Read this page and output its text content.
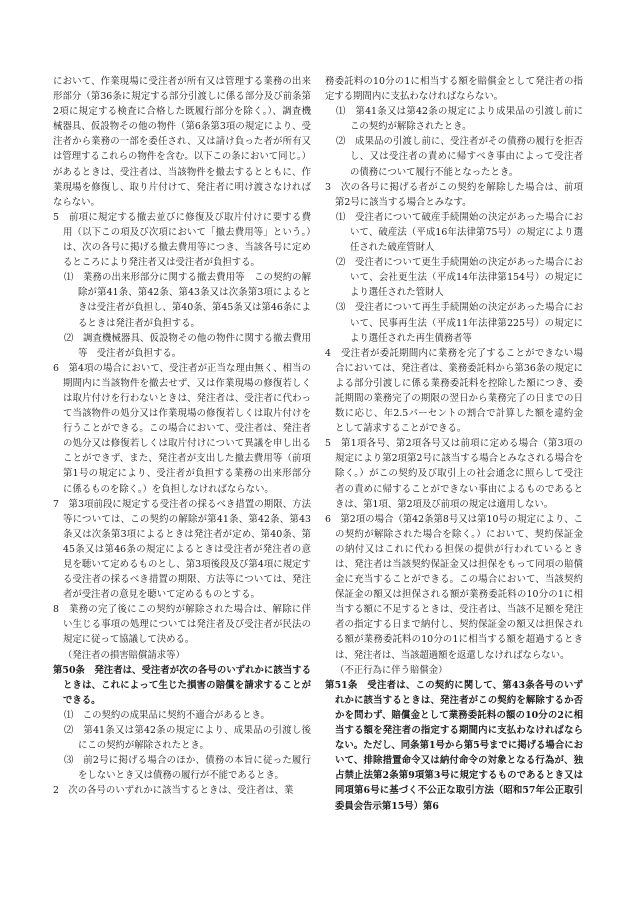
において、作業現場に受注者が所有又は管理する業務の出来形部分（第36条に規定する部分引渡しに係る部分及び前条第2項に規定する検査に合格した既履行部分を除く。）、調査機械器具、仮設物その他の物件（第6条第3項の規定により、受注者から業務の一部を委任され、又は請け負った者が所有又は管理するこれらの物件を含む。以下この条において同じ。）があるときは、受注者は、当該物件を撤去するとともに、作業現場を修復し、取り片付けて、発注者に明け渡さなければならない。

5　前項に規定する撤去並びに修復及び取片付けに要する費用（以下この項及び次項において「撤去費用等」という。）は、次の各号に掲げる撤去費用等につき、当該各号に定めるところにより発注者又は受注者が負担する。

⑴　業務の出来形部分に関する撤去費用等　この契約の解除が第41条、第42条、第43条又は次条第3項によるときは受注者が負担し、第40条、第45条又は第46条によるときは発注者が負担する。

⑵　調査機械器具、仮設物その他の物件に関する撤去費用等　受注者が負担する。

6　第4項の場合において、受注者が正当な理由無く、相当の期間内に当該物件を撤去せず、又は作業現場の修復若しくは取片付けを行わないときは、発注者は、受注者に代わって当該物件の処分又は作業現場の修復若しくは取片付けを行うことができる。この場合において、受注者は、発注者の処分又は修復若しくは取片付けについて異議を申し出ることができず、また、発注者が支出した撤去費用等（前項第1号の規定により、受注者が負担する業務の出来形部分に係るものを除く。）を負担しなければならない。

7　第3項前段に規定する受注者の採るべき措置の期限、方法等については、この契約の解除が第41条、第42条、第43条又は次条第3項によるときは発注者が定め、第40条、第45条又は第46条の規定によるときは受注者が発注者の意見を聴いて定めるものとし、第3項後段及び第4項に規定する受注者の採るべき措置の期限、方法等については、発注者が受注者の意見を聴いて定めるものとする。

8　業務の完了後にこの契約が解除された場合は、解除に伴い生じる事項の処理については発注者及び受注者が民法の規定に従って協議して決める。

（発注者の損害賠償請求等）

第50条　発注者は、受注者が次の各号のいずれかに該当するときは、これによって生じた損害の賠償を請求することができる。

⑴　この契約の成果品に契約不適合があるとき。

⑵　第41条又は第42条の規定により、成果品の引渡し後にこの契約が解除されたとき。

⑶　前2号に掲げる場合のほか、債務の本旨に従った履行をしないとき又は債務の履行が不能であるとき。

2　次の各号のいずれかに該当するときは、受注者は、業

務委託料の10分の1に相当する額を賠償金として発注者の指定する期間内に支払わなければならない。

⑴　第41条又は第42条の規定により成果品の引渡し前にこの契約が解除されたとき。

⑵　成果品の引渡し前に、受注者がその債務の履行を拒否し、又は受注者の責めに帰すべき事由によって受注者の債務について履行不能となったとき。

3　次の各号に掲げる者がこの契約を解除した場合は、前項第2号に該当する場合とみなす。

⑴　受注者について破産手続開始の決定があった場合において、破産法（平成16年法律第75号）の規定により選任された破産管財人

⑵　受注者について更生手続開始の決定があった場合において、会社更生法（平成14年法律第154号）の規定により選任された管財人

⑶　受注者について再生手続開始の決定があった場合において、民事再生法（平成11年法律第225号）の規定により選任された再生債務者等

4　受注者が委託期間内に業務を完了することができない場合においては、発注者は、業務委託料から第36条の規定による部分引渡しに係る業務委託料を控除した額につき、委託期間の業務完了の期限の翌日から業務完了の日までの日数に応じ、年2.5パーセントの割合で計算した額を違約金として請求することができる。

5　第1項各号、第2項各号又は前項に定める場合（第3項の規定により第2項第2号に該当する場合とみなされる場合を除く。）がこの契約及び取引上の社会通念に照らして受注者の責めに帰することができない事由によるものであるときは、第1項、第2項及び前項の規定は適用しない。

6　第2項の場合（第42条第8号又は第10号の規定により、この契約が解除された場合を除く。）において、契約保証金の納付又はこれに代わる担保の提供が行われているときは、発注者は当該契約保証金又は担保をもって同項の賠償金に充当することができる。この場合において、当該契約保証金の額又は担保される額が業務委託料の10分の1に相当する額に不足するときは、受注者は、当該不足額を発注者の指定する日まで納付し、契約保証金の額又は担保される額が業務委託料の10分の1に相当する額を超過するときは、発注者は、当該超過額を返還しなければならない。

（不正行為に伴う賠償金）

第51条　受注者は、この契約に関して、第43条各号のいずれかに該当するときは、発注者がこの契約を解除するか否かを問わず、賠償金として業務委託料の額の10分の2に相当する額を発注者の指定する期間内に支払わなければならない。ただし、同条第1号から第5号までに掲げる場合において、排除措置命令又は納付命令の対象となる行為が、独占禁止法第2条第9項第3号に規定するものであるとき又は同項第6号に基づく不公正な取引方法（昭和57年公正取引委員会告示第15号）第6
